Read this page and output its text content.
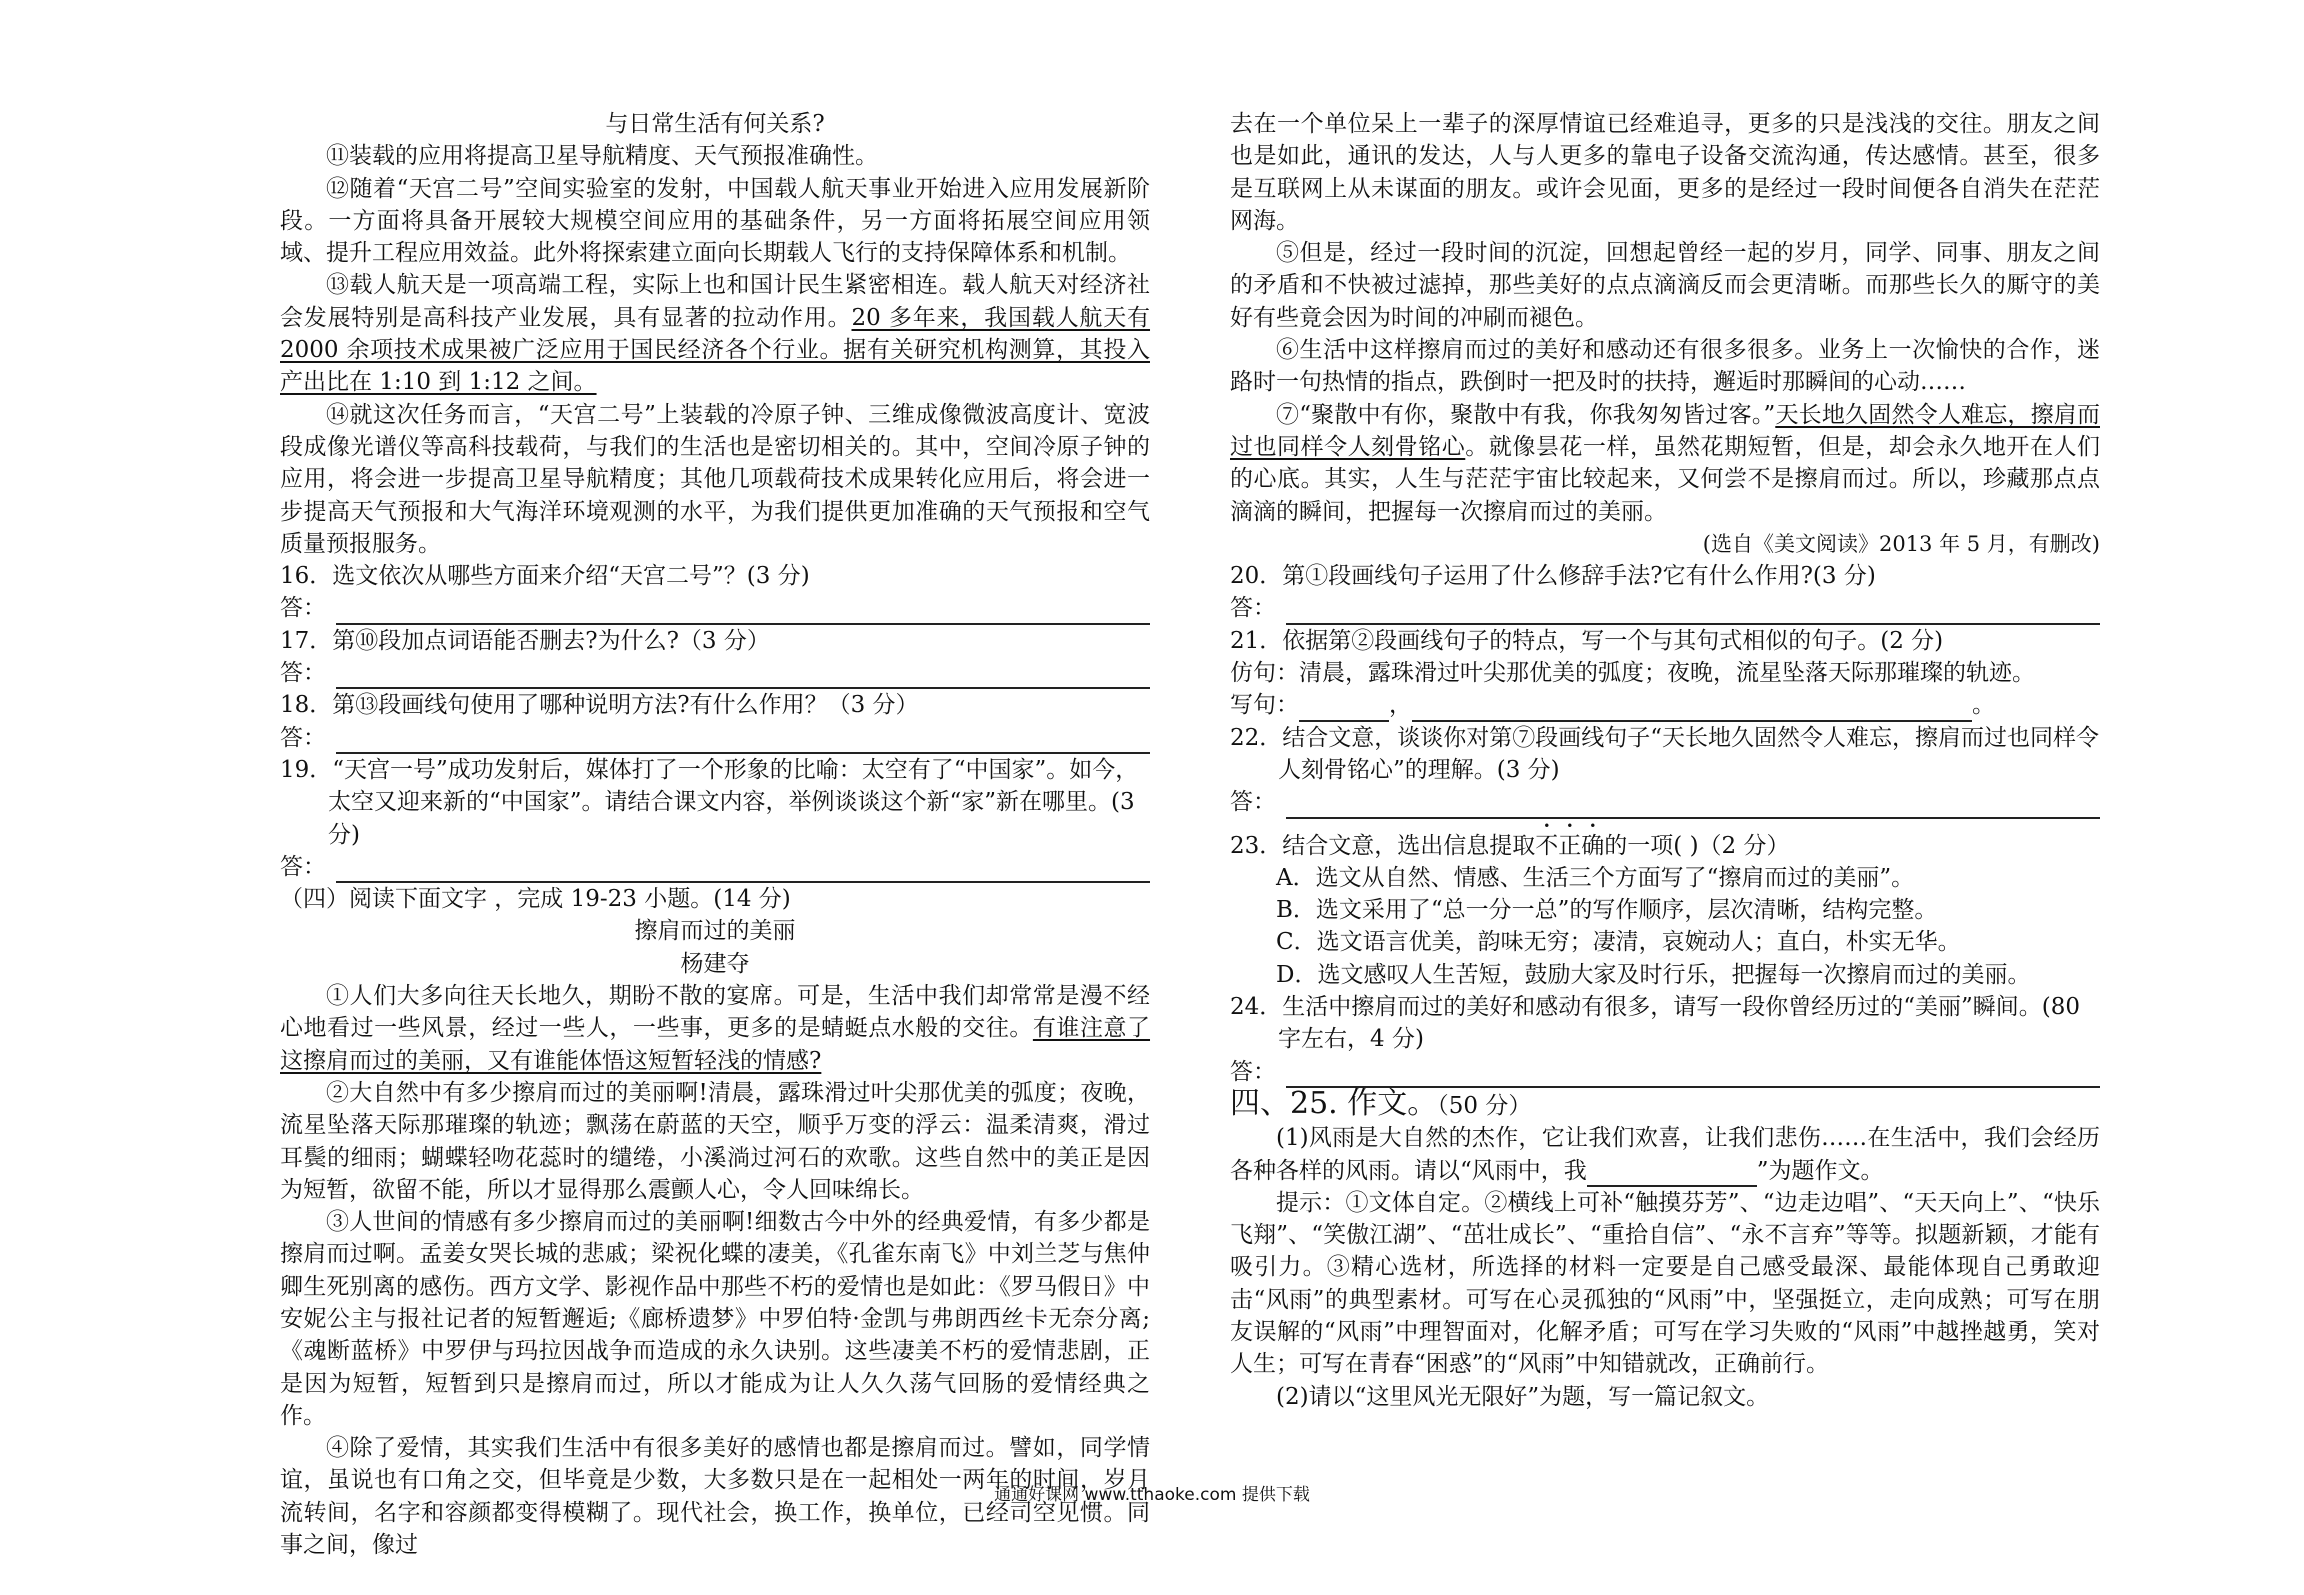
与日常生活有何关系?

⑪装载的应用将提高卫星导航精度、天气预报准确性。

⑫随着“天宫二号”空间实验室的发射，中国载人航天事业开始进入应用发展新阶段。一方面将具备开展较大规模空间应用的基础条件，另一方面将拓展空间应用领域、提升工程应用效益。此外将探索建立面向长期载人飞行的支持保障体系和机制。

⑬载人航天是一项高端工程，实际上也和国计民生紧密相连。载人航天对经济社会发展特别是高科技产业发展，具有显著的拉动作用。20 多年来，我国载人航天有 2000 余项技术成果被广泛应用于国民经济各个行业。据有关研究机构测算，其投入产出比在 1:10 到 1:12 之间。

⑭就这次任务而言，“天宫二号”上装载的冷原子钟、三维成像微波高度计、宽波段成像光谱仪等高科技载荷，与我们的生活也是密切相关的。其中，空间冷原子钟的应用，将会进一步提高卫星导航精度；其他几项载荷技术成果转化应用后，将会进一步提高天气预报和大气海洋环境观测的水平，为我们提供更加准确的天气预报和空气质量预报服务。

16．选文依次从哪些方面来介绍“天宫二号”？(3 分)

答：

17．第⑩段加点词语能否删去?为什么?（3 分）

答：

18．第⑬段画线句使用了哪种说明方法?有什么作用？（3 分）

答：

19．“天宫一号”成功发射后，媒体打了一个形象的比喻：太空有了“中国家”。如今，太空又迎来新的“中国家”。请结合课文内容，举例谈谈这个新“家”新在哪里。(3 分)

答：

（四）阅读下面文字 ，完成 19-23 小题。(14 分)

擦肩而过的美丽

杨建夺

①人们大多向往天长地久，期盼不散的宴席。可是，生活中我们却常常是漫不经心地看过一些风景，经过一些人，一些事，更多的是蜻蜓点水般的交往。有谁注意了这擦肩而过的美丽，又有谁能体悟这短暂轻浅的情感?

②大自然中有多少擦肩而过的美丽啊!清晨，露珠滑过叶尖那优美的弧度；夜晚，流星坠落天际那璀璨的轨迹；飘荡在蔚蓝的天空，顺乎万变的浮云：温柔清爽，滑过耳鬓的细雨；蝴蝶轻吻花蕊时的缱绻，小溪淌过河石的欢歌。这些自然中的美正是因为短暂，欲留不能，所以才显得那么震颤人心，令人回味绵长。

③人世间的情感有多少擦肩而过的美丽啊!细数古今中外的经典爱情，有多少都是擦肩而过啊。孟姜女哭长城的悲戚；梁祝化蝶的凄美，《孔雀东南飞》中刘兰芝与焦仲卿生死别离的感伤。西方文学、影视作品中那些不朽的爱情也是如此：《罗马假日》中安妮公主与报社记者的短暂邂逅;《廊桥遗梦》中罗伯特·金凯与弗朗西丝卡无奈分离;《魂断蓝桥》中罗伊与玛拉因战争而造成的永久诀别。这些凄美不朽的爱情悲剧，正是因为短暂，短暂到只是擦肩而过，所以才能成为让人久久荡气回肠的爱情经典之作。

④除了爱情，其实我们生活中有很多美好的感情也都是擦肩而过。譬如，同学情谊，虽说也有口角之交，但毕竟是少数，大多数只是在一起相处一两年的时间，岁月流转间，名字和容颜都变得模糊了。现代社会，换工作，换单位，已经司空见惯。同事之间，像过

去在一个单位呆上一辈子的深厚情谊已经难追寻，更多的只是浅浅的交往。朋友之间也是如此，通讯的发达，人与人更多的靠电子设备交流沟通，传达感情。甚至，很多是互联网上从未谋面的朋友。或许会见面，更多的是经过一段时间便各自消失在茫茫网海。

⑤但是，经过一段时间的沉淀，回想起曾经一起的岁月，同学、同事、朋友之间的矛盾和不快被过滤掉，那些美好的点点滴滴反而会更清晰。而那些长久的厮守的美好有些竟会因为时间的冲刷而褪色。

⑥生活中这样擦肩而过的美好和感动还有很多很多。业务上一次愉快的合作，迷路时一句热情的指点，跌倒时一把及时的扶持，邂逅时那瞬间的心动……

⑦“聚散中有你，聚散中有我，你我匆匆皆过客。”天长地久固然令人难忘，擦肩而过也同样令人刻骨铭心。就像昙花一样，虽然花期短暂，但是，却会永久地开在人们的心底。其实，人生与茫茫宇宙比较起来，又何尝不是擦肩而过。所以，珍藏那点点滴滴的瞬间，把握每一次擦肩而过的美丽。

(选自《美文阅读》2013 年 5 月，有删改)

20．第①段画线句子运用了什么修辞手法?它有什么作用?(3 分)

答：

21．依据第②段画线句子的特点，写一个与其句式相似的句子。(2 分)

仿句：清晨，露珠滑过叶尖那优美的弧度；夜晚，流星坠落天际那璀璨的轨迹。

写句：	，	。

22．结合文意，谈谈你对第⑦段画线句子“天长地久固然令人难忘，擦肩而过也同样令人刻骨铭心”的理解。(3 分)

答：

23．结合文意，选出信息提取不正确的一项( )（2 分）

A．选文从自然、情感、生活三个方面写了“擦肩而过的美丽”。

B．选文采用了“总一分一总”的写作顺序，层次清晰，结构完整。

C．选文语言优美，韵味无穷；凄清，哀婉动人；直白，朴实无华。

D．选文感叹人生苦短，鼓励大家及时行乐，把握每一次擦肩而过的美丽。

24．生活中擦肩而过的美好和感动有很多，请写一段你曾经历过的“美丽”瞬间。(80 字左右，4 分)

答：

四、25. 作文。（50 分）

(1)风雨是大自然的杰作，它让我们欢喜，让我们悲伤……在生活中，我们会经历各种各样的风雨。请以“风雨中，我	”为题作文。

提示：①文体自定。②横线上可补“触摸芬芳”、“边走边唱”、“天天向上”、“快乐飞翔”、“笑傲江湖”、“茁壮成长”、“重拾自信”、“永不言弃”等等。拟题新颖，才能有吸引力。③精心选材，所选择的材料一定要是自己感受最深、最能体现自己勇敢迎击“风雨”的典型素材。可写在心灵孤独的“风雨”中，坚强挺立，走向成熟；可写在朋友误解的“风雨”中理智面对，化解矛盾；可写在学习失败的“风雨”中越挫越勇，笑对人生；可写在青春“困惑”的“风雨”中知错就改，正确前行。

(2)请以“这里风光无限好”为题，写一篇记叙文。

通通好课网 www.tthaoke.com 提供下载
